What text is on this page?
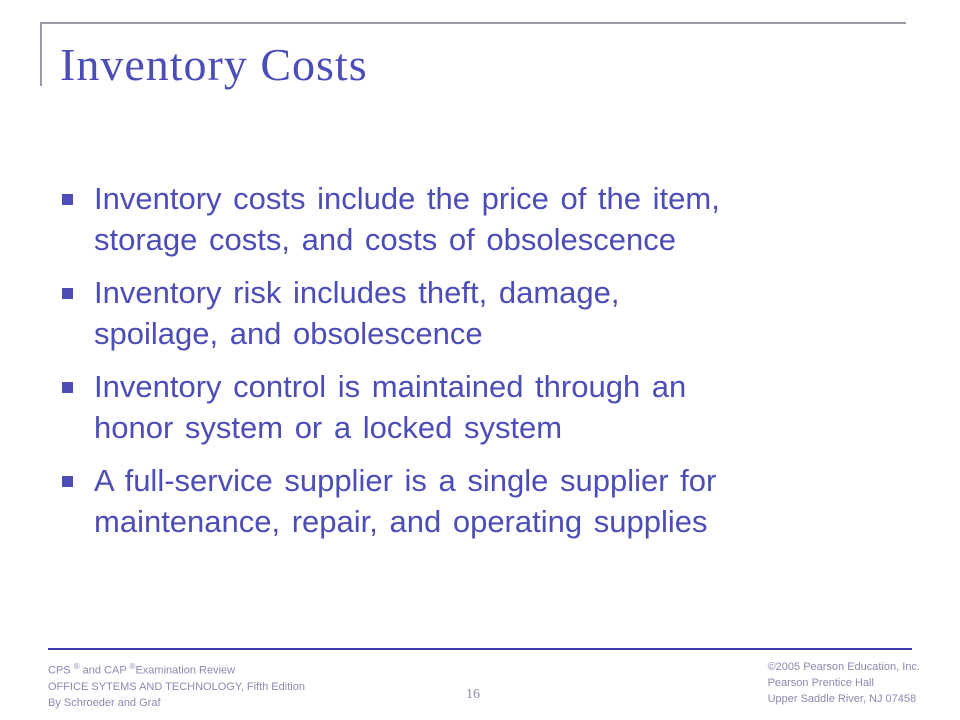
Inventory Costs
Inventory costs include the price of the item,
storage costs, and costs of obsolescence
Inventory risk includes theft, damage,
spoilage, and obsolescence
Inventory control is maintained through an
honor system or a locked system
A full-service supplier is a single supplier for
maintenance, repair, and operating supplies
CPS ® and CAP ®Examination Review
OFFICE SYTEMS AND TECHNOLOGY, Fifth Edition
By Schroeder and Graf
16
©2005 Pearson Education, Inc.
Pearson Prentice Hall
Upper Saddle River, NJ 07458
